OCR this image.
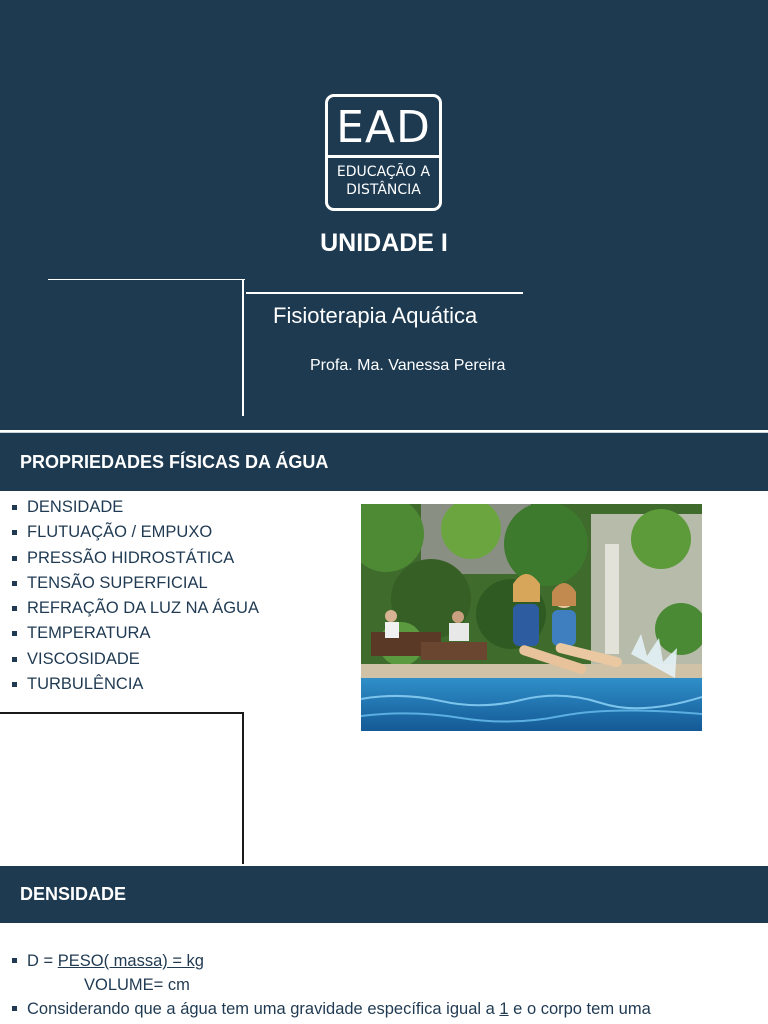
EAD
EDUCAÇÃO A
DISTÂNCIA
UNIDADE I
Fisioterapia Aquática
Profa. Ma. Vanessa Pereira
PROPRIEDADES FÍSICAS DA ÁGUA
DENSIDADE
FLUTUAÇÃO / EMPUXO
PRESSÃO HIDROSTÁTICA
TENSÃO SUPERFICIAL
REFRAÇÃO DA LUZ NA ÁGUA
TEMPERATURA
VISCOSIDADE
TURBULÊNCIA
DENSIDADE
D = PESO( massa) = kg
VOLUME= cm
Considerando que a água tem uma gravidade específica igual a 1 e o corpo tem uma
